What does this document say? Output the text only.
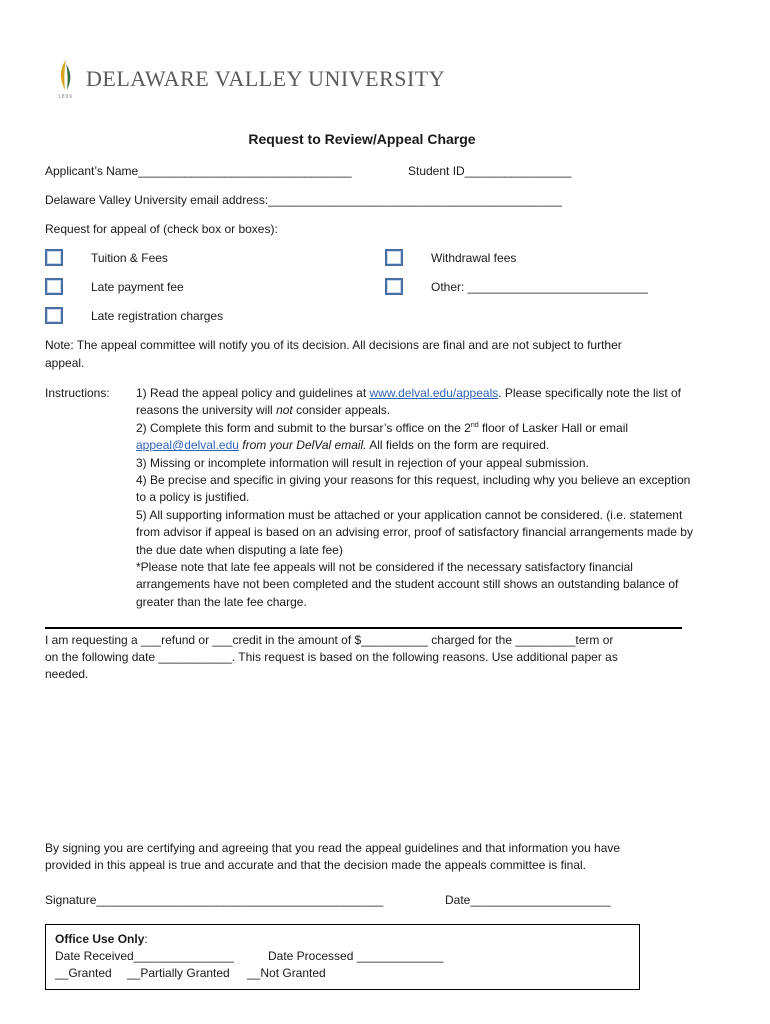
DELAWARE VALLEY UNIVERSITY
1896
Request to Review/Appeal Charge
Applicant’s Name________________________________	Student ID________________
Delaware Valley University email address:____________________________________________
Request for appeal of (check box or boxes):
Tuition & Fees	Withdrawal fees
Late payment fee	Other: ___________________________
Late registration charges
Note: The appeal committee will notify you of its decision. All decisions are final and are not subject to further
appeal.
Instructions: 1) Read the appeal policy and guidelines at www.delval.edu/appeals. Please specifically note the list of reasons the university will not consider appeals.

2) Complete this form and submit to the bursar’s office on the 2nd floor of Lasker Hall or email appeal@delval.edu from your DelVal email. All fields on the form are required.

3) Missing or incomplete information will result in rejection of your appeal submission.

4) Be precise and specific in giving your reasons for this request, including why you believe an exception to a policy is justified.

5) All supporting information must be attached or your application cannot be considered. (i.e. statement from advisor if appeal is based on an advising error, proof of satisfactory financial arrangements made by the due date when disputing a late fee)

*Please note that late fee appeals will not be considered if the necessary satisfactory financial arrangements have not been completed and the student account still shows an outstanding balance of greater than the late fee charge.

I am requesting a ___refund or ___credit in the amount of $__________ charged for the _________term or
on the following date ___________. This request is based on the following reasons. Use additional paper as
needed.
By signing you are certifying and agreeing that you read the appeal guidelines and that information you have
provided in this appeal is true and accurate and that the decision made the appeals committee is final.
Signature___________________________________________	Date_____________________
Office Use Only:
Date Received_______________	Date Processed _____________
__Granted __Partially Granted __Not Granted
